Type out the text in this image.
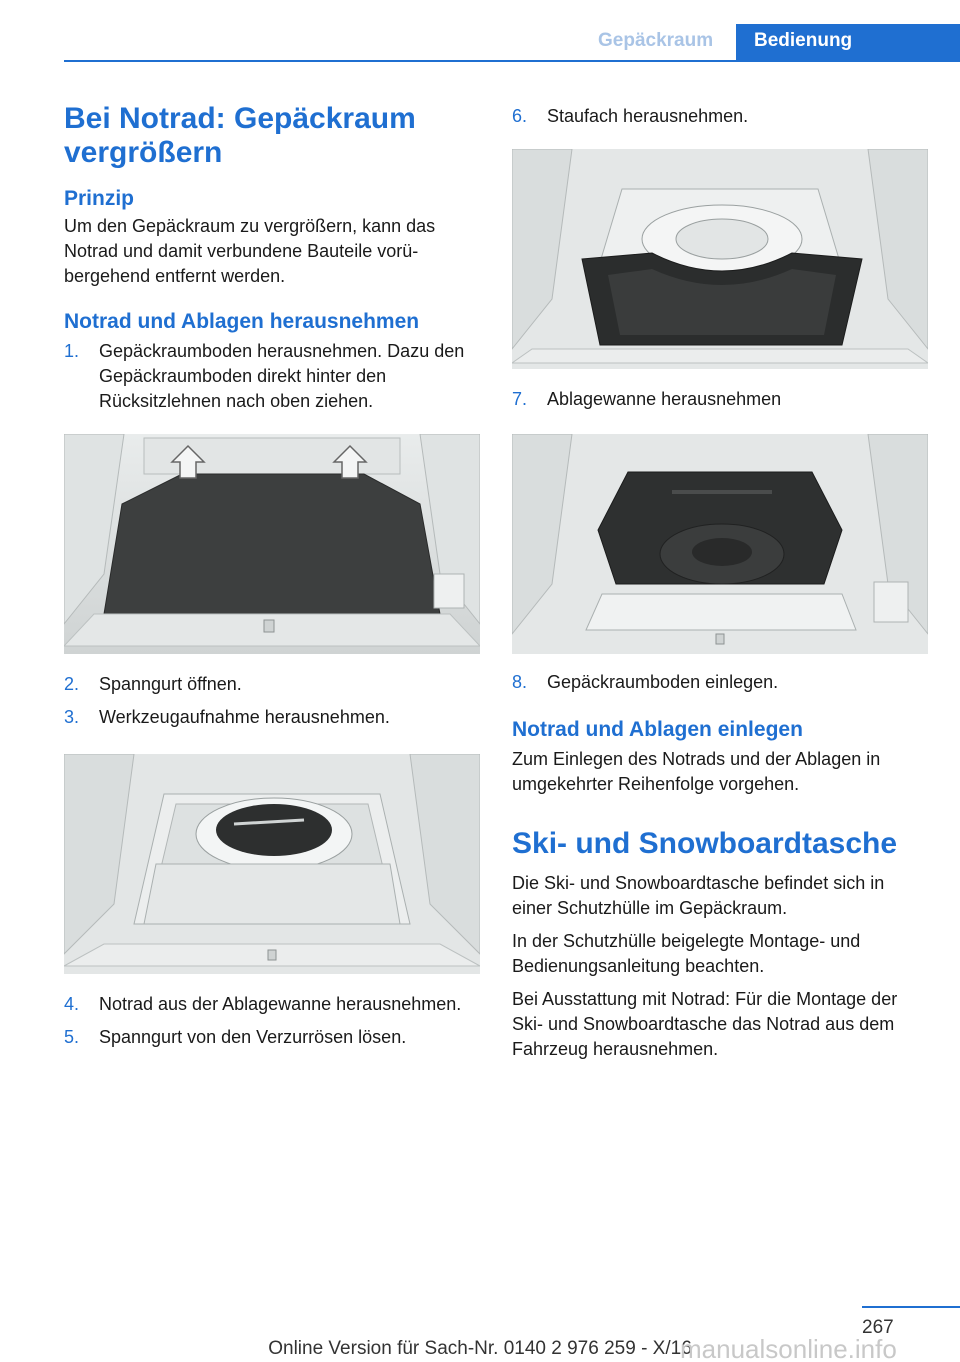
Gepäckraum	Bedienung
Bei Notrad: Gepäckraum vergrößern
Prinzip

Um den Gepäckraum zu vergrößern, kann das Notrad und damit verbundene Bauteile vorübergehend entfernt werden.

Notrad und Ablagen herausnehmen
1. Gepäckraumboden herausnehmen. Dazu den Gepäckraumboden direkt hinter den Rücksitzlehnen nach oben ziehen.
2. Spanngurt öffnen.
3. Werkzeugaufnahme herausnehmen.
4. Notrad aus der Ablagewanne herausnehmen.
5. Spanngurt von den Verzurrösen lösen.
6. Staufach herausnehmen.
7. Ablagewanne herausnehmen
8. Gepäckraumboden einlegen.
Notrad und Ablagen einlegen

Zum Einlegen des Notrads und der Ablagen in umgekehrter Reihenfolge vorgehen.

Ski- und Snowboardtasche

Die Ski- und Snowboardtasche befindet sich in einer Schutzhülle im Gepäckraum.

In der Schutzhülle beigelegte Montage- und Bedienungsanleitung beachten.

Bei Ausstattung mit Notrad: Für die Montage der Ski- und Snowboardtasche das Notrad aus dem Fahrzeug herausnehmen.

267
Online Version für Sach-Nr. 0140 2 976 259 - X/16
manualsonline.info
